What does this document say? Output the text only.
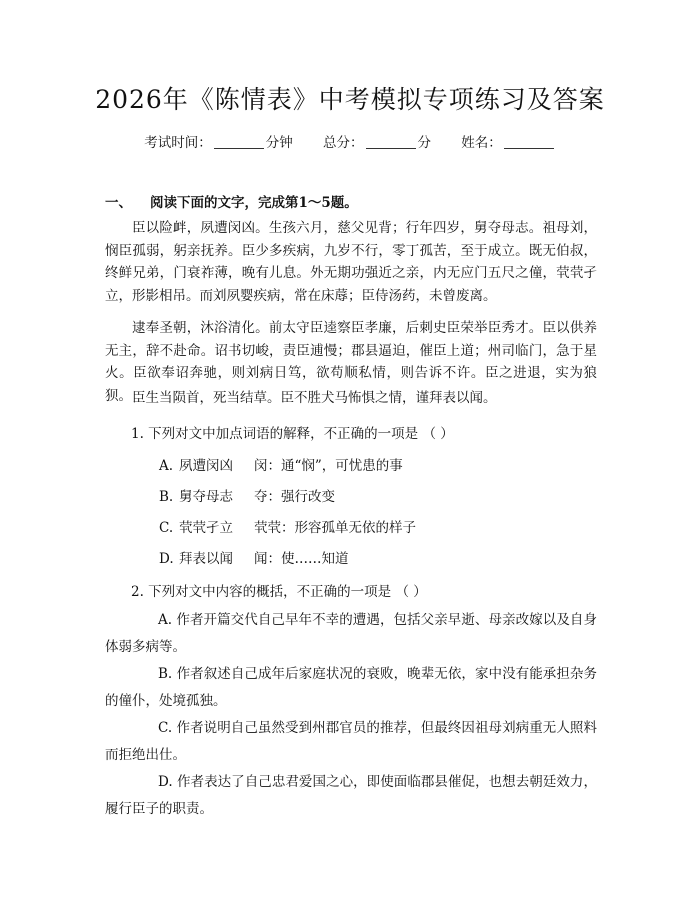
2026年《陈情表》中考模拟专项练习及答案
考试时间：	分钟 总分：	分 姓名：
一、 阅读下面的文字，完成第1～5题。

臣以险衅，夙遭闵凶。生孩六月，慈父见背；行年四岁，舅夺母志。祖母刘，悯臣孤弱，躬亲抚养。臣少多疾病，九岁不行，零丁孤苦，至于成立。既无伯叔，终鲜兄弟，门衰祚薄，晚有儿息。外无期功强近之亲，内无应门五尺之僮，茕茕孑立，形影相吊。而刘夙婴疾病，常在床蓐；臣侍汤药，未曾废离。

逮奉圣朝，沐浴清化。前太守臣逵察臣孝廉，后刺史臣荣举臣秀才。臣以供养无主，辞不赴命。诏书切峻，责臣逋慢；郡县逼迫，催臣上道；州司临门，急于星火。臣欲奉诏奔驰，则刘病日笃，欲苟顺私情，则告诉不许。臣之进退，实为狼狈。 臣生当陨首，死当结草。臣不胜犬马怖惧之情，谨拜表以闻。

1. 下列对文中加点词语的解释，不正确的一项是 （ ）
A. 夙遭闵凶 闵：通“悯”，可忧患的事
B. 舅夺母志 夺：强行改变
C. 茕茕孑立 茕茕：形容孤单无依的样子
D. 拜表以闻 闻：使……知道
2. 下列对文中内容的概括，不正确的一项是 （ ）

A. 作者开篇交代自己早年不幸的遭遇，包括父亲早逝、母亲改嫁以及自身体弱多病等。

B. 作者叙述自己成年后家庭状况的衰败，晚辈无依，家中没有能承担杂务的僮仆，处境孤独。

C. 作者说明自己虽然受到州郡官员的推荐，但最终因祖母刘病重无人照料而拒绝出仕。

D. 作者表达了自己忠君爱国之心，即使面临郡县催促，也想去朝廷效力，履行臣子的职责。
